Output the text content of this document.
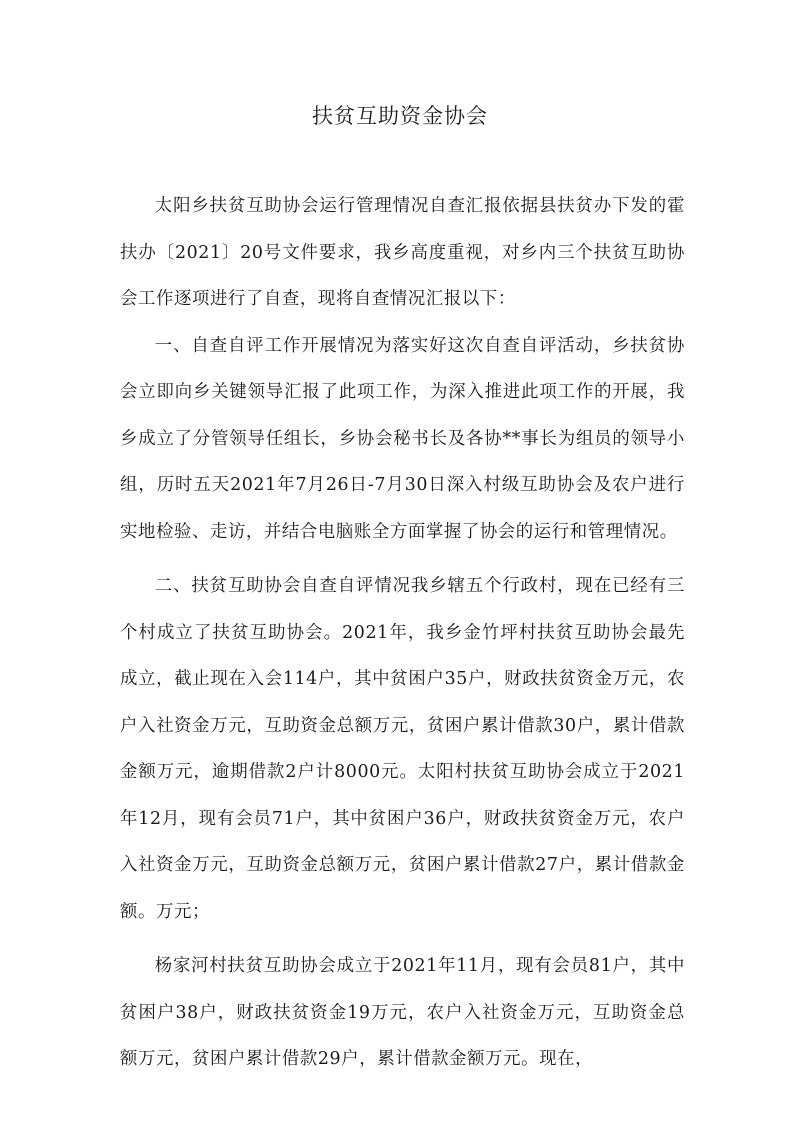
扶贫互助资金协会

太阳乡扶贫互助协会运行管理情况自查汇报依据县扶贫办下发的霍扶办〔2021〕20号文件要求，我乡高度重视，对乡内三个扶贫互助协会工作逐项进行了自查，现将自查情况汇报以下：

一、自查自评工作开展情况为落实好这次自查自评活动，乡扶贫协会立即向乡关键领导汇报了此项工作，为深入推进此项工作的开展，我乡成立了分管领导任组长，乡协会秘书长及各协**事长为组员的领导小组，历时五天2021年7月26日-7月30日深入村级互助协会及农户进行实地检验、走访，并结合电脑账全方面掌握了协会的运行和管理情况。

二、扶贫互助协会自查自评情况我乡辖五个行政村，现在已经有三个村成立了扶贫互助协会。2021年，我乡金竹坪村扶贫互助协会最先成立，截止现在入会114户，其中贫困户35户，财政扶贫资金万元，农户入社资金万元，互助资金总额万元，贫困户累计借款30户，累计借款金额万元，逾期借款2户计8000元。太阳村扶贫互助协会成立于2021年12月，现有会员71户，其中贫困户36户，财政扶贫资金万元，农户入社资金万元，互助资金总额万元，贫困户累计借款27户，累计借款金额。万元；

杨家河村扶贫互助协会成立于2021年11月，现有会员81户，其中贫困户38户，财政扶贫资金19万元，农户入社资金万元，互助资金总额万元，贫困户累计借款29户，累计借款金额万元。现在，
